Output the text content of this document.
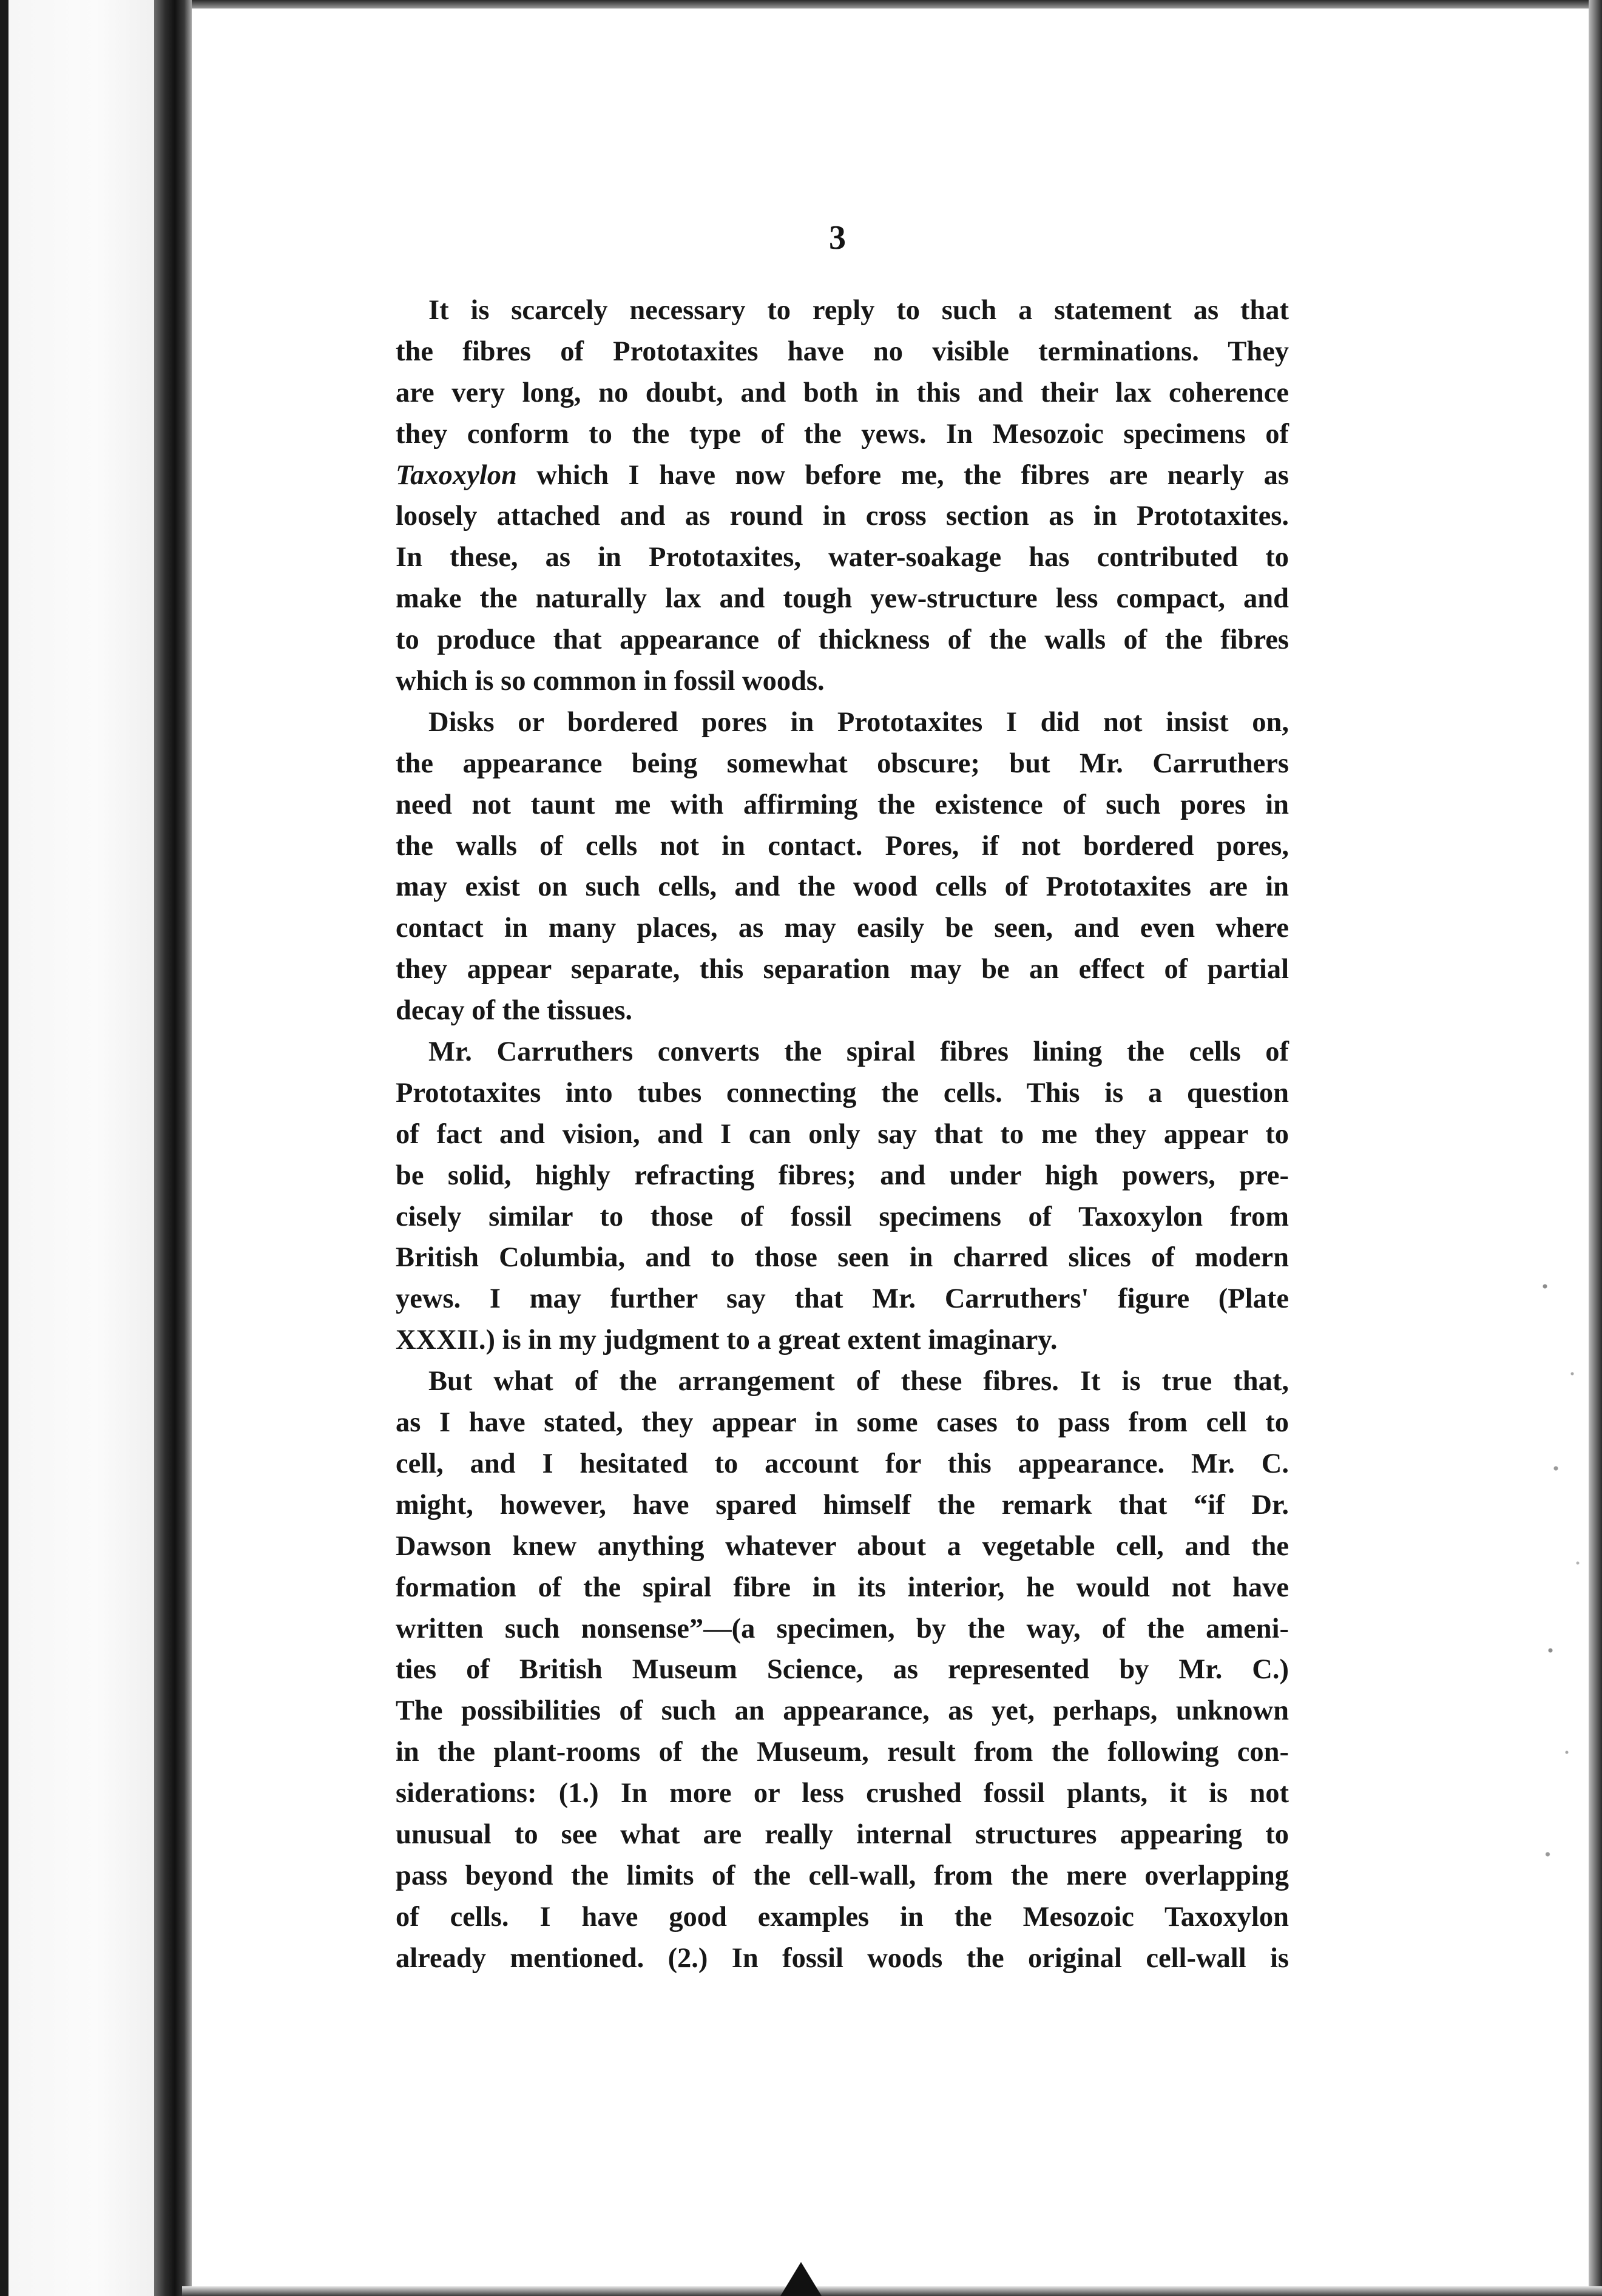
3
It is scarcely necessary to reply to such a statement as that
the fibres of Prototaxites have no visible terminations. They
are very long, no doubt, and both in this and their lax coherence
they conform to the type of the yews. In Mesozoic specimens of
Taxoxylon which I have now before me, the fibres are nearly as
loosely attached and as round in cross section as in Prototaxites.
In these, as in Prototaxites, water-soakage has contributed to
make the naturally lax and tough yew-structure less compact, and
to produce that appearance of thickness of the walls of the fibres
which is so common in fossil woods.
Disks or bordered pores in Prototaxites I did not insist on,
the appearance being somewhat obscure; but Mr. Carruthers
need not taunt me with affirming the existence of such pores in
the walls of cells not in contact. Pores, if not bordered pores,
may exist on such cells, and the wood cells of Prototaxites are in
contact in many places, as may easily be seen, and even where
they appear separate, this separation may be an effect of partial
decay of the tissues.
Mr. Carruthers converts the spiral fibres lining the cells of
Prototaxites into tubes connecting the cells. This is a question
of fact and vision, and I can only say that to me they appear to
be solid, highly refracting fibres; and under high powers, pre-
cisely similar to those of fossil specimens of Taxoxylon from
British Columbia, and to those seen in charred slices of modern
yews. I may further say that Mr. Carruthers' figure (Plate
XXXII.) is in my judgment to a great extent imaginary.
But what of the arrangement of these fibres. It is true that,
as I have stated, they appear in some cases to pass from cell to
cell, and I hesitated to account for this appearance. Mr. C.
might, however, have spared himself the remark that “if Dr.
Dawson knew anything whatever about a vegetable cell, and the
formation of the spiral fibre in its interior, he would not have
written such nonsense”—(a specimen, by the way, of the ameni-
ties of British Museum Science, as represented by Mr. C.)
The possibilities of such an appearance, as yet, perhaps, unknown
in the plant-rooms of the Museum, result from the following con-
siderations: (1.) In more or less crushed fossil plants, it is not
unusual to see what are really internal structures appearing to
pass beyond the limits of the cell-wall, from the mere overlapping
of cells. I have good examples in the Mesozoic Taxoxylon
already mentioned. (2.) In fossil woods the original cell-wall is
